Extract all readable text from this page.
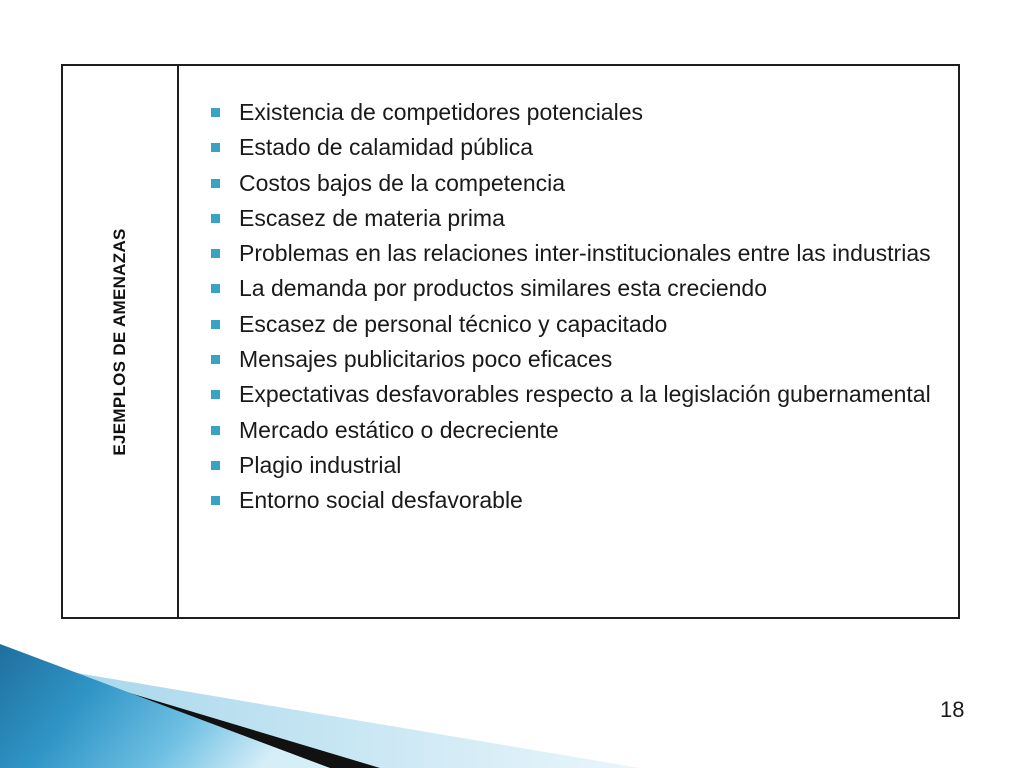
EJEMPLOS DE AMENAZAS
Existencia de competidores potenciales
Estado de calamidad pública
Costos bajos de la competencia
Escasez de materia prima
Problemas en las relaciones inter-institucionales entre las industrias
La demanda por productos similares esta creciendo
Escasez de personal técnico y capacitado
Mensajes publicitarios poco eficaces
Expectativas desfavorables respecto a la legislación gubernamental
Mercado estático o decreciente
Plagio industrial
Entorno social desfavorable
18
